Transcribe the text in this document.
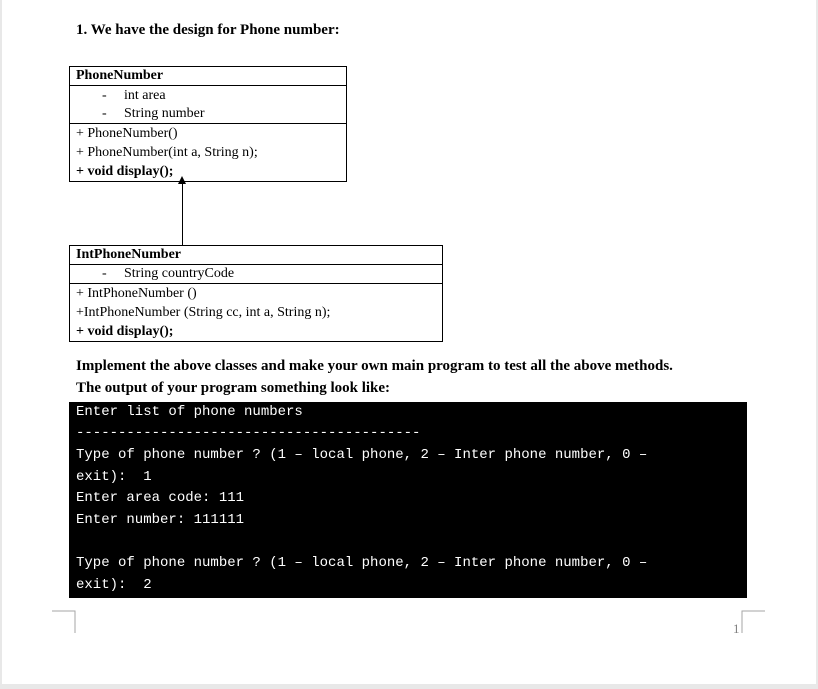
1. We have the design for Phone number:
PhoneNumber
- int area
- String number
+ PhoneNumber()
+ PhoneNumber(int a, String n);
+ void display();
IntPhoneNumber
- String countryCode
+ IntPhoneNumber ()
+IntPhoneNumber (String cc, int a, String n);
+ void display();
Implement the above classes and make your own main program to test all the above methods.
The output of your program something look like:
Enter list of phone numbers
-----------------------------------------
Type of phone number ? (1 – local phone, 2 – Inter phone number, 0 –
exit):  1
Enter area code: 111
Enter number: 111111
Type of phone number ? (1 – local phone, 2 – Inter phone number, 0 –
exit):  2
1
